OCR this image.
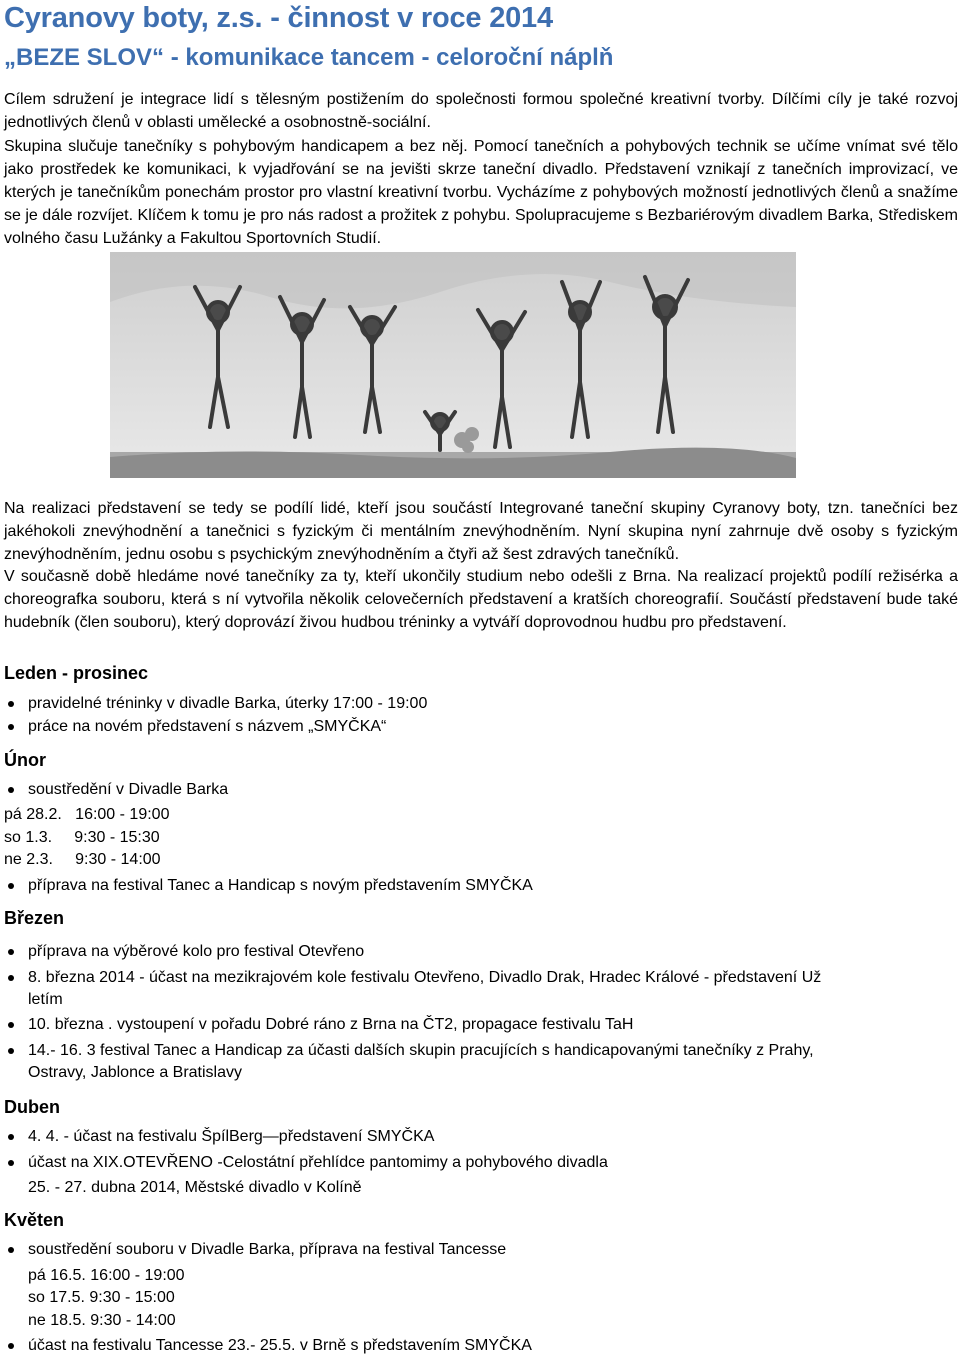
Cyranovy boty, z.s. - činnost v roce 2014
„BEZE SLOV“ - komunikace tancem - celoroční náplň
Cílem sdružení je integrace lidí s tělesným postižením do společnosti formou společné kreativní tvorby. Dílčími cíly je také rozvoj jednotlivých členů v oblasti umělecké a osobnostně-sociální.
Skupina slučuje tanečníky s pohybovým handicapem a bez něj. Pomocí tanečních a pohybových technik se učíme vnímat své tělo jako prostředek ke komunikaci, k vyjadřování se na jevišti skrze taneční divadlo. Představení vznikají z tanečních improvizací, ve kterých je tanečníkům ponechám prostor pro vlastní kreativní tvorbu. Vycházíme z pohybových možností jednotlivých členů a snažíme se je dále rozvíjet. Klíčem k tomu je pro nás radost a prožitek z pohybu. Spolupracujeme s Bezbariérovým divadlem Barka, Střediskem volného času Lužánky a Fakultou Sportovních Studií.
Na realizaci představení se tedy se podílí lidé, kteří jsou součástí Integrované taneční skupiny Cyranovy boty, tzn. tanečníci bez jakéhokoli znevýhodnění a tanečnici s fyzickým či mentálním znevýhodněním. Nyní skupina nyní zahrnuje dvě osoby s fyzickým znevýhodněním, jednu osobu s psychickým znevýhodněním a čtyři až šest zdravých tanečníků.
V současně době hledáme nové tanečníky za ty, kteří ukončily studium nebo odešli z Brna. Na realizací projektů podílí režisérka a choreografka souboru, která s ní vytvořila několik celovečerních představení a kratších choreografií. Součástí představení bude také hudebník (člen souboru), který doprovází živou hudbou tréninky a vytváří doprovodnou hudbu pro představení.
Leden - prosinec
pravidelné tréninky v divadle Barka, úterky 17:00 - 19:00
práce na novém představení s názvem „SMYČKA“
Únor
soustředění v Divadle Barka
pá 28.2.   16:00 - 19:00
so 1.3.     9:30 - 15:30
ne 2.3.     9:30 - 14:00
příprava na festival Tanec a Handicap s novým představením SMYČKA
Březen
příprava na výběrové kolo pro festival Otevřeno
8. března 2014 - účast na mezikrajovém kole festivalu Otevřeno, Divadlo Drak, Hradec Králové - představení Už
letím
10. března . vystoupení v pořadu Dobré ráno z Brna na ČT2, propagace festivalu TaH
14.- 16. 3 festival Tanec a Handicap za účasti dalších skupin pracujících s handicapovanými tanečníky z Prahy,
Ostravy, Jablonce a Bratislavy
Duben
4. 4. - účast na festivalu ŠpílBerg—představení SMYČKA
účast na XIX.OTEVŘENO -Celostátní přehlídce pantomimy a pohybového divadla
25. - 27. dubna 2014, Městské divadlo v Kolíně
Květen
soustředění souboru v Divadle Barka, příprava na festival Tancesse
pá 16.5. 16:00 - 19:00
so 17.5. 9:30 - 15:00
ne 18.5. 9:30 - 14:00
účast na festivalu Tancesse 23.- 25.5. v Brně s představením SMYČKA
